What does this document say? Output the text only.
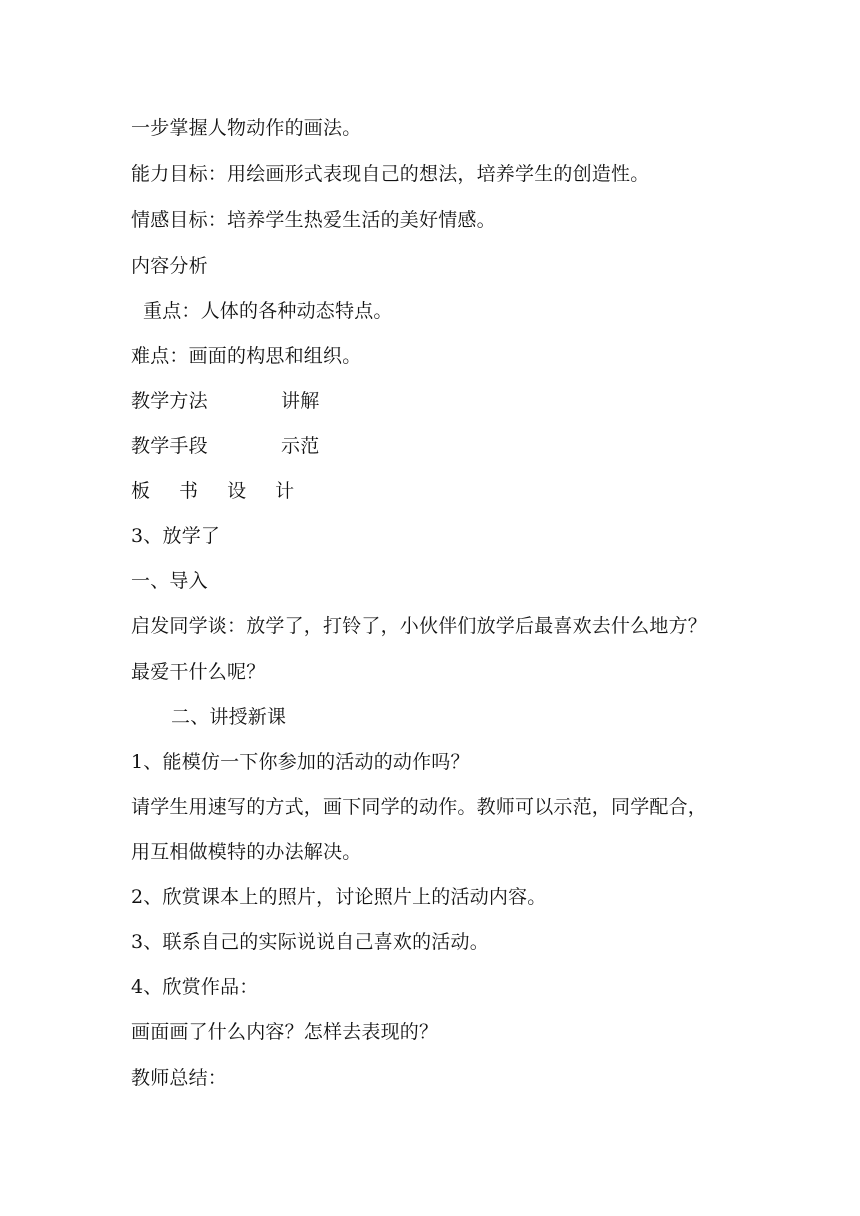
一步掌握人物动作的画法。
能力目标：用绘画形式表现自己的想法，培养学生的创造性。
情感目标：培养学生热爱生活的美好情感。
内容分析
重点：人体的各种动态特点。
难点：画面的构思和组织。
教学方法	讲解
教学手段	示范
板 书 设 计
3、放学了
一、导入
启发同学谈：放学了，打铃了，小伙伴们放学后最喜欢去什么地方？
最爱干什么呢？
二、讲授新课
1、能模仿一下你参加的活动的动作吗？
请学生用速写的方式，画下同学的动作。教师可以示范，同学配合，
用互相做模特的办法解决。
2、欣赏课本上的照片，讨论照片上的活动内容。
3、联系自己的实际说说自己喜欢的活动。
4、欣赏作品：
画面画了什么内容？怎样去表现的？
教师总结：
